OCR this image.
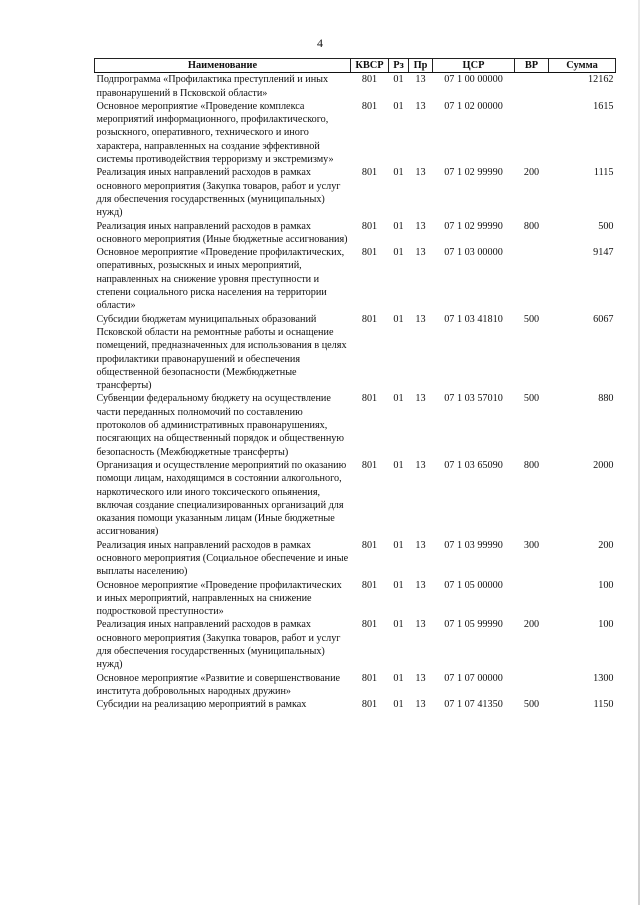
4
Наименование	КВСР	Рз	Пр	ЦСР	ВР	Сумма
Подпрограмма «Профилактика преступлений и иных правонарушений в Псковской области»	801	01	13	07 1 00 00000		12162
Основное мероприятие «Проведение комплекса мероприятий информационного, профилактического, розыскного, оперативного, технического и иного характера, направленных на создание эффективной системы противодействия терроризму и экстремизму»	801	01	13	07 1 02 00000		1615
Реализация иных направлений расходов в рамках основного мероприятия (Закупка товаров, работ и услуг для обеспечения государственных (муниципальных) нужд)	801	01	13	07 1 02 99990	200	1115
Реализация иных направлений расходов в рамках основного мероприятия (Иные бюджетные ассигнования)	801	01	13	07 1 02 99990	800	500
Основное мероприятие «Проведение профилактических, оперативных, розыскных и иных мероприятий, направленных на снижение уровня преступности и степени социального риска населения на территории области»	801	01	13	07 1 03 00000		9147
Субсидии бюджетам муниципальных образований Псковской области на ремонтные работы и оснащение помещений, предназначенных для использования в целях профилактики правонарушений и обеспечения общественной безопасности (Межбюджетные трансферты)	801	01	13	07 1 03 41810	500	6067
Субвенции федеральному бюджету на осуществление части переданных полномочий по составлению протоколов об административных правонарушениях, посягающих на общественный порядок и общественную безопасность (Межбюджетные трансферты)	801	01	13	07 1 03 57010	500	880
Организация и осуществление мероприятий по оказанию помощи лицам, находящимся в состоянии алкогольного, наркотического или иного токсического опьянения, включая создание специализированных организаций для оказания помощи указанным лицам (Иные бюджетные ассигнования)	801	01	13	07 1 03 65090	800	2000
Реализация иных направлений расходов в рамках основного мероприятия (Социальное обеспечение и иные выплаты населению)	801	01	13	07 1 03 99990	300	200
Основное мероприятие «Проведение профилактических и иных мероприятий, направленных на снижение подростковой преступности»	801	01	13	07 1 05 00000		100
Реализация иных направлений расходов в рамках основного мероприятия (Закупка товаров, работ и услуг для обеспечения государственных (муниципальных) нужд)	801	01	13	07 1 05 99990	200	100
Основное мероприятие «Развитие и совершенствование института добровольных народных дружин»	801	01	13	07 1 07 00000		1300
Субсидии на реализацию мероприятий в рамках	801	01	13	07 1 07 41350	500	1150
